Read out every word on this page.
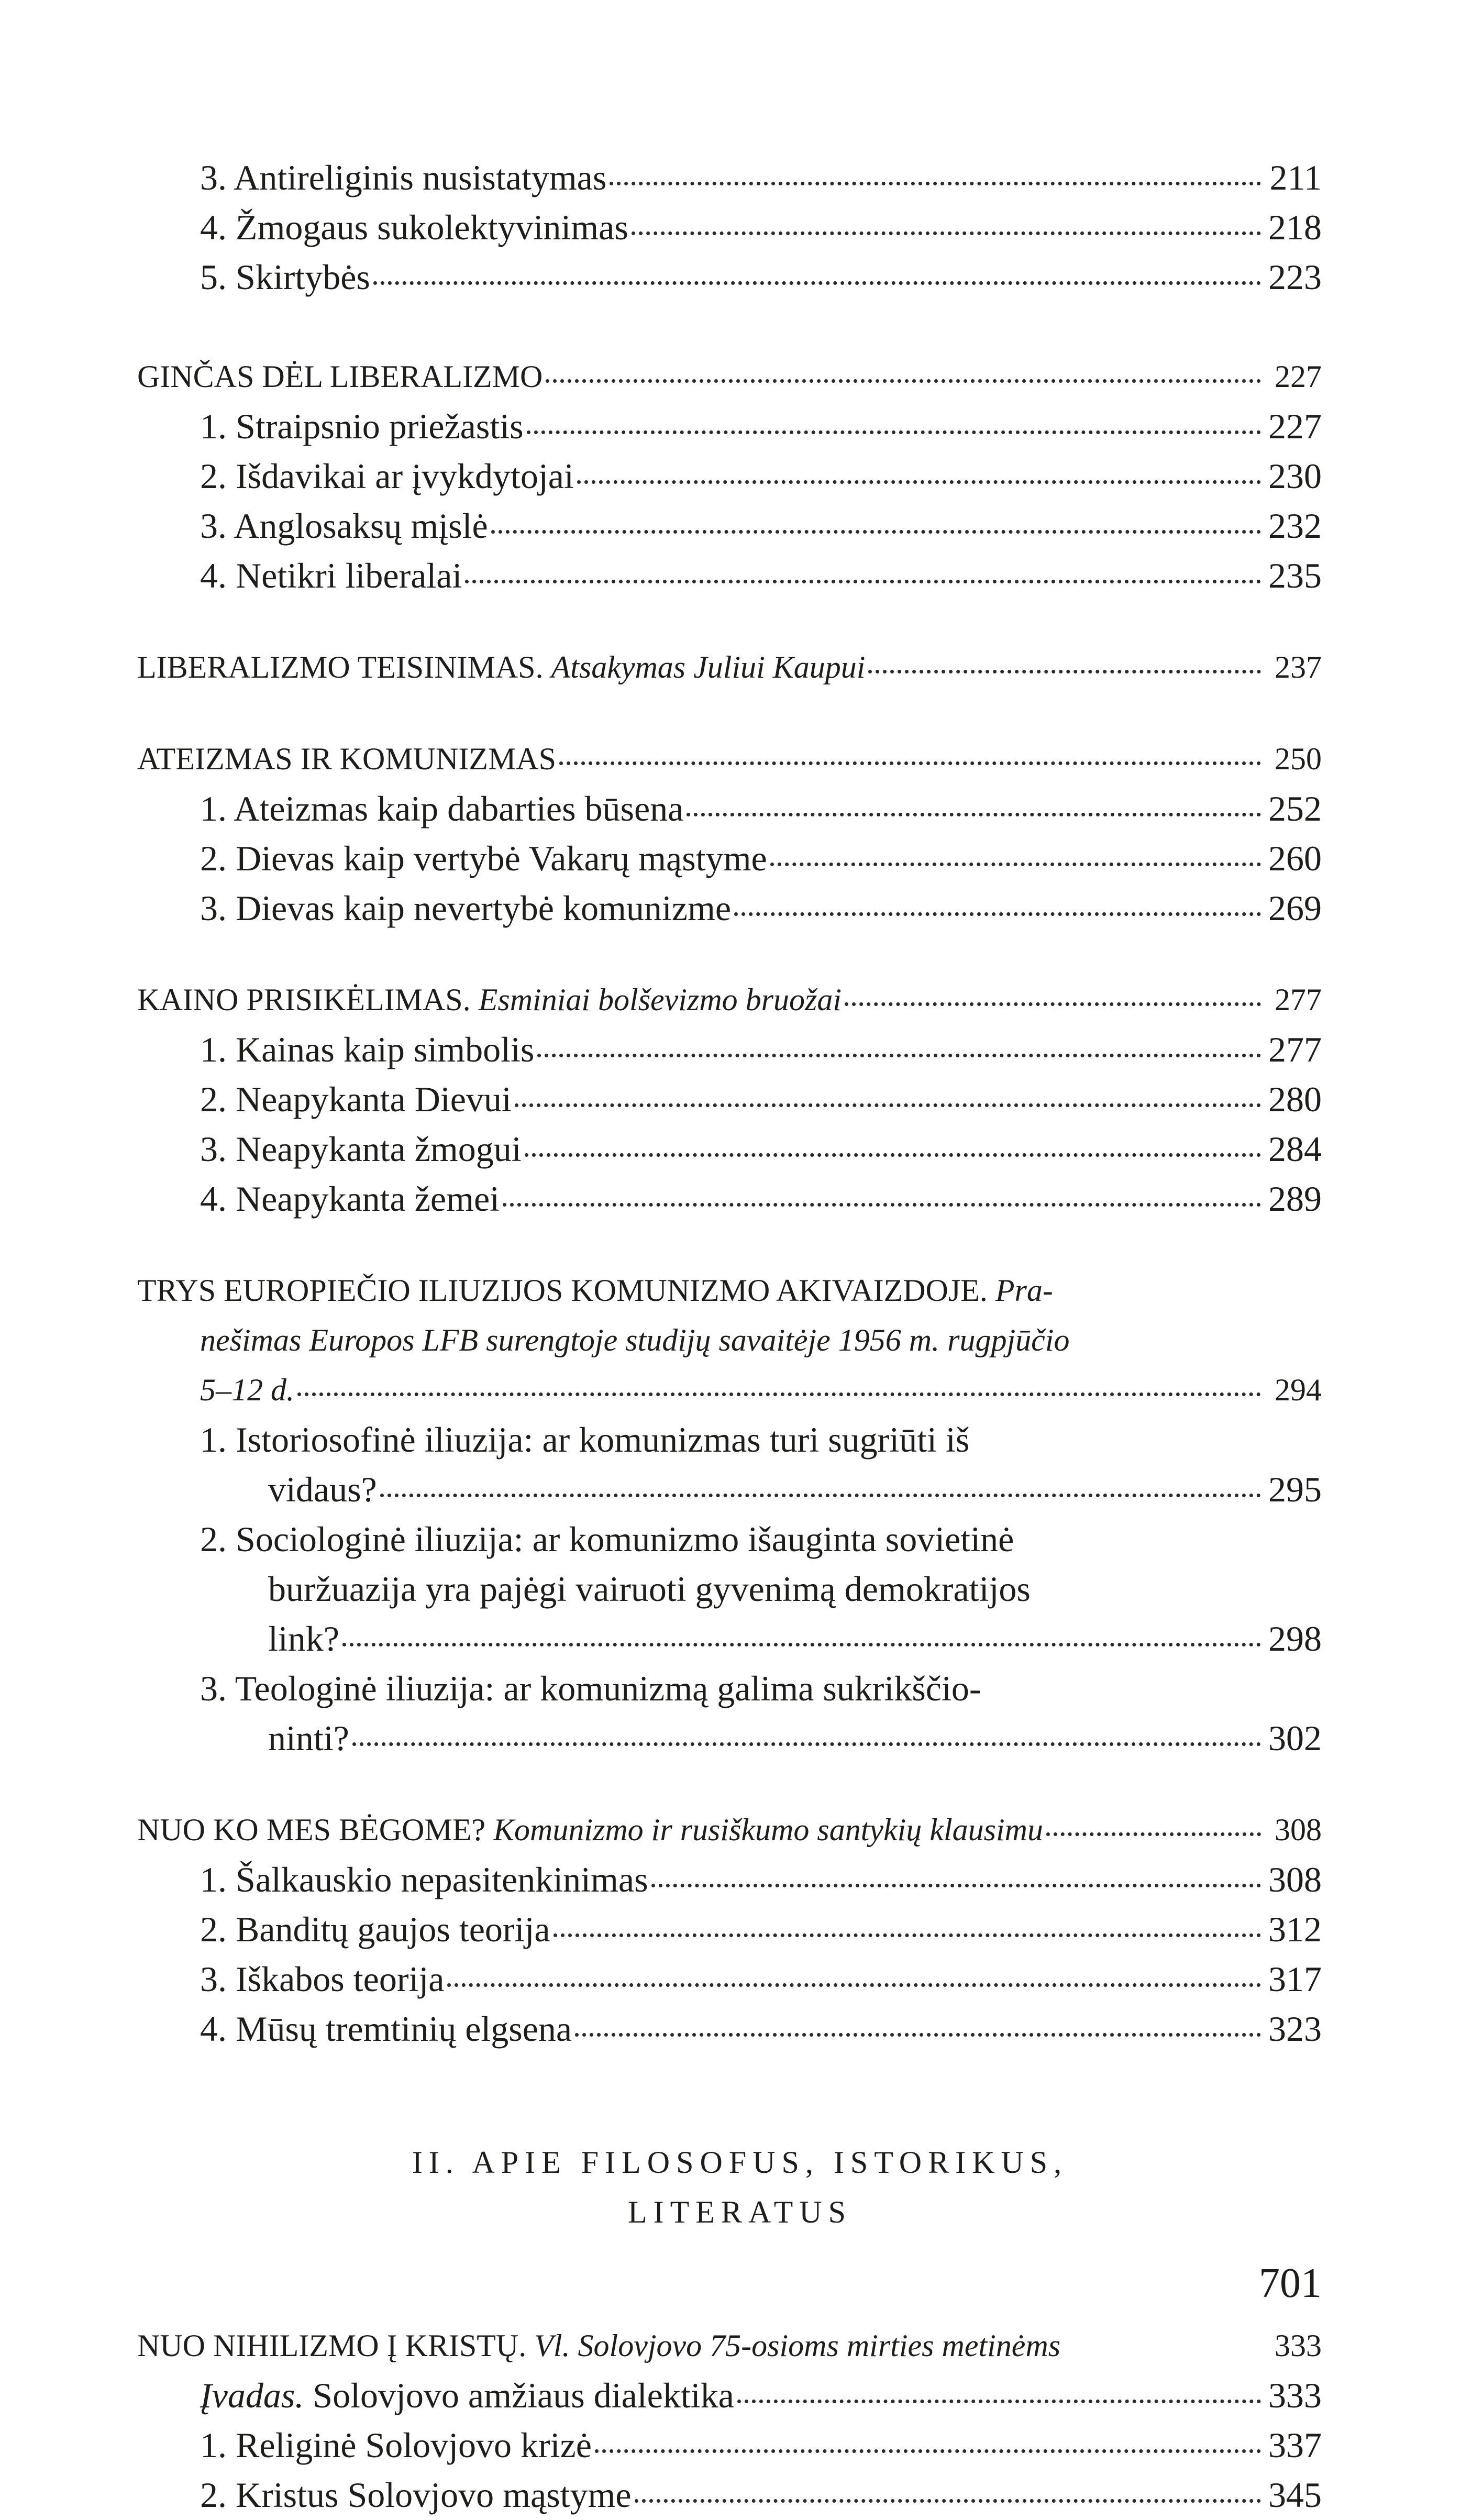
3. Antireliginis nusistatymas	211
4. Žmogaus sukolektyvinimas	218
5. Skirtybės	223
GINČAS DĖL LIBERALIZMO	227
1. Straipsnio priežastis	227
2. Išdavikai ar įvykdytojai	230
3. Anglosaksų mįslė	232
4. Netikri liberalai	235
LIBERALIZMO TEISINIMAS. Atsakymas Juliui Kaupui	237
ATEIZMAS IR KOMUNIZMAS	250
1. Ateizmas kaip dabarties būsena	252
2. Dievas kaip vertybė Vakarų mąstyme	260
3. Dievas kaip nevertybė komunizme	269
KAINO PRISIKĖLIMAS. Esminiai bolševizmo bruožai	277
1. Kainas kaip simbolis	277
2. Neapykanta Dievui	280
3. Neapykanta žmogui	284
4. Neapykanta žemei	289
TRYS EUROPIEČIO ILIUZIJOS KOMUNIZMO AKIVAIZDOJE. Pra-
nešimas Europos LFB surengtoje studijų savaitėje 1956 m. rugpjūčio
5–12 d.	294
1. Istoriosofinė iliuzija: ar komunizmas turi sugriūti iš
vidaus?	295
2. Sociologinė iliuzija: ar komunizmo išauginta sovietinė
buržuazija yra pajėgi vairuoti gyvenimą demokratijos
link?	298
3. Teologinė iliuzija: ar komunizmą galima sukrikščio-
ninti?	302
NUO KO MES BĖGOME? Komunizmo ir rusiškumo santykių klausimu	308
1. Šalkauskio nepasitenkinimas	308
2. Banditų gaujos teorija	312
3. Iškabos teorija	317
4. Mūsų tremtinių elgsena	323

II. APIE FILOSOFUS, ISTORIKUS,

LITERATUS

NUO NIHILIZMO Į KRISTŲ. Vl. Solovjovo 75-osioms mirties metinėms	333
Įvadas. Solovjovo amžiaus dialektika	333
1. Religinė Solovjovo krizė	337
2. Kristus Solovjovo mąstyme	345
701
